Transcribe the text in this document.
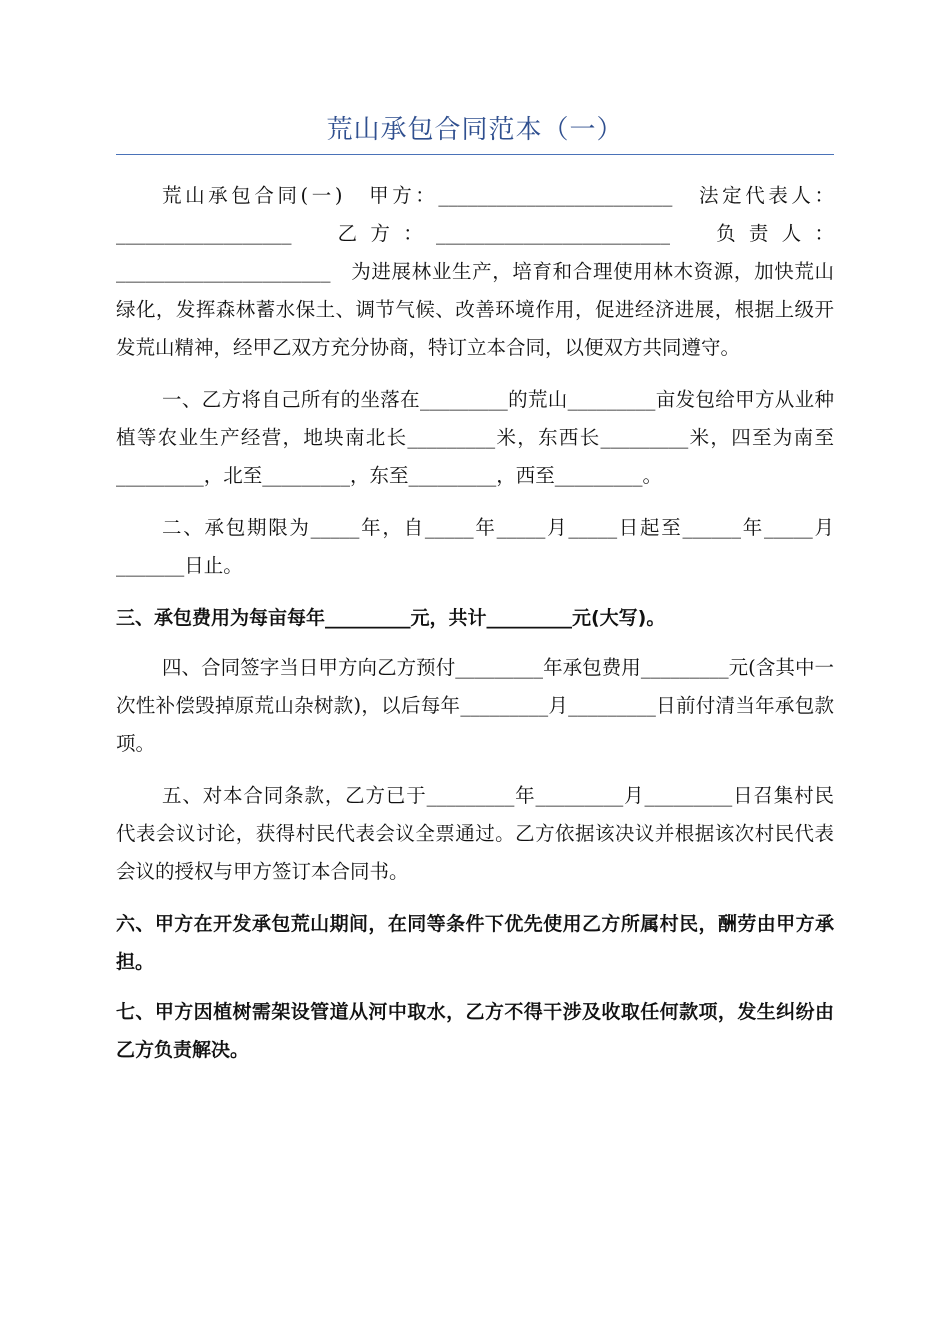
荒山承包合同范本（一）

荒山承包合同(一)　甲方：________________________　法定代表人：__________________　乙方：________________________　负责人：______________________　为进展林业生产，培育和合理使用林木资源，加快荒山绿化，发挥森林蓄水保土、调节气候、改善环境作用，促进经济进展，根据上级开发荒山精神，经甲乙双方充分协商，特订立本合同，以便双方共同遵守。

一、乙方将自己所有的坐落在_________的荒山_________亩发包给甲方从业种植等农业生产经营，地块南北长_________米，东西长_________米，四至为南至_________，北至_________，东至_________，西至_________。

二、承包期限为_____年，自_____年_____月_____日起至______年_____月_______日止。

三、承包费用为每亩每年_________元，共计_________元(大写)。

四、合同签字当日甲方向乙方预付_________年承包费用_________元(含其中一次性补偿毁掉原荒山杂树款)，以后每年_________月_________日前付清当年承包款项。

五、对本合同条款，乙方已于_________年_________月_________日召集村民代表会议讨论，获得村民代表会议全票通过。乙方依据该决议并根据该次村民代表会议的授权与甲方签订本合同书。

六、甲方在开发承包荒山期间，在同等条件下优先使用乙方所属村民，酬劳由甲方承担。

七、甲方因植树需架设管道从河中取水，乙方不得干涉及收取任何款项，发生纠纷由乙方负责解决。
